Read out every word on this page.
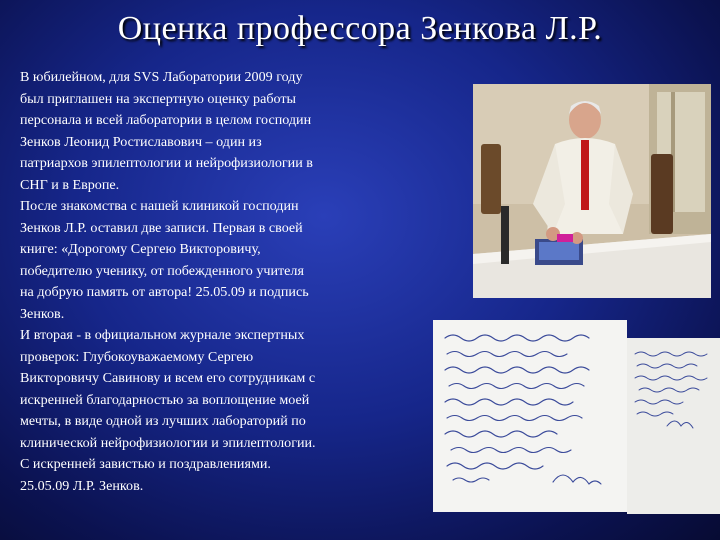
Оценка профессора Зенкова Л.Р.

В юбилейном, для SVS Лаборатории 2009 году
был приглашен на экспертную оценку работы
персонала и всей лаборатории в целом господин
Зенков Леонид Ростиславович – один из
патриархов эпилептологии и нейрофизиологии в
СНГ и в Европе.

После знакомства с нашей клиникой господин
Зенков Л.Р. оставил две записи. Первая в своей
книге: «Дорогому Сергею Викторовичу,
победителю ученику, от побежденного учителя
на добрую память от автора! 25.05.09 и подпись
Зенков.

И вторая - в официальном журнале экспертных
проверок: Глубокоуважаемому Сергею
Викторовичу Савинову и всем его сотрудникам с
искренней благодарностью за воплощение моей
мечты, в виде одной из лучших лабораторий по
клинической нейрофизиологии и эпилептологии.

С искренней завистью и поздравлениями.
25.05.09 Л.Р. Зенков.
